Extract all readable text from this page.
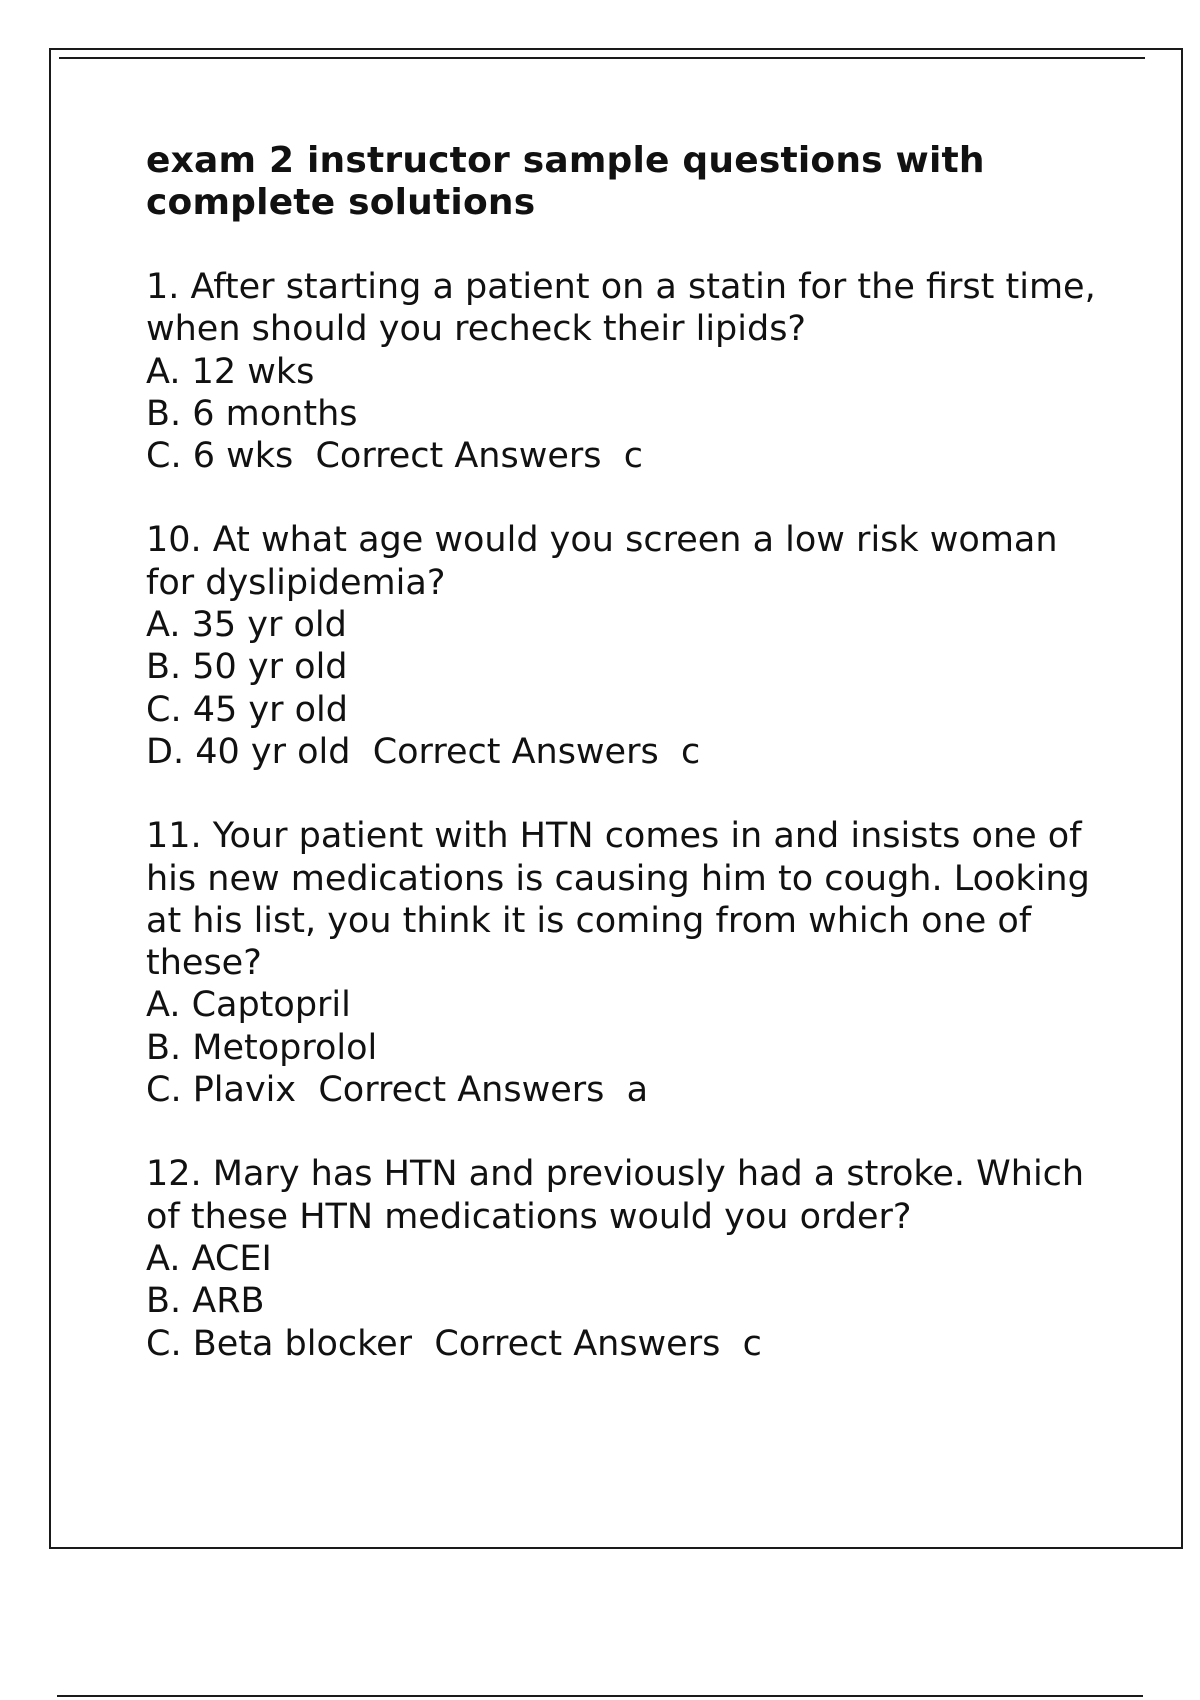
exam 2 instructor sample questions with complete solutions

1. After starting a patient on a statin for the first time, when should you recheck their lipids?

A. 12 wks

B. 6 months

C. 6 wks  Correct Answers  c

10. At what age would you screen a low risk woman for dyslipidemia?

A. 35 yr old

B. 50 yr old

C. 45 yr old

D. 40 yr old  Correct Answers  c

11. Your patient with HTN comes in and insists one of his new medications is causing him to cough. Looking at his list, you think it is coming from which one of these?

A. Captopril

B. Metoprolol

C. Plavix  Correct Answers  a

12. Mary has HTN and previously had a stroke. Which of these HTN medications would you order?

A. ACEI

B. ARB

C. Beta blocker  Correct Answers  c
